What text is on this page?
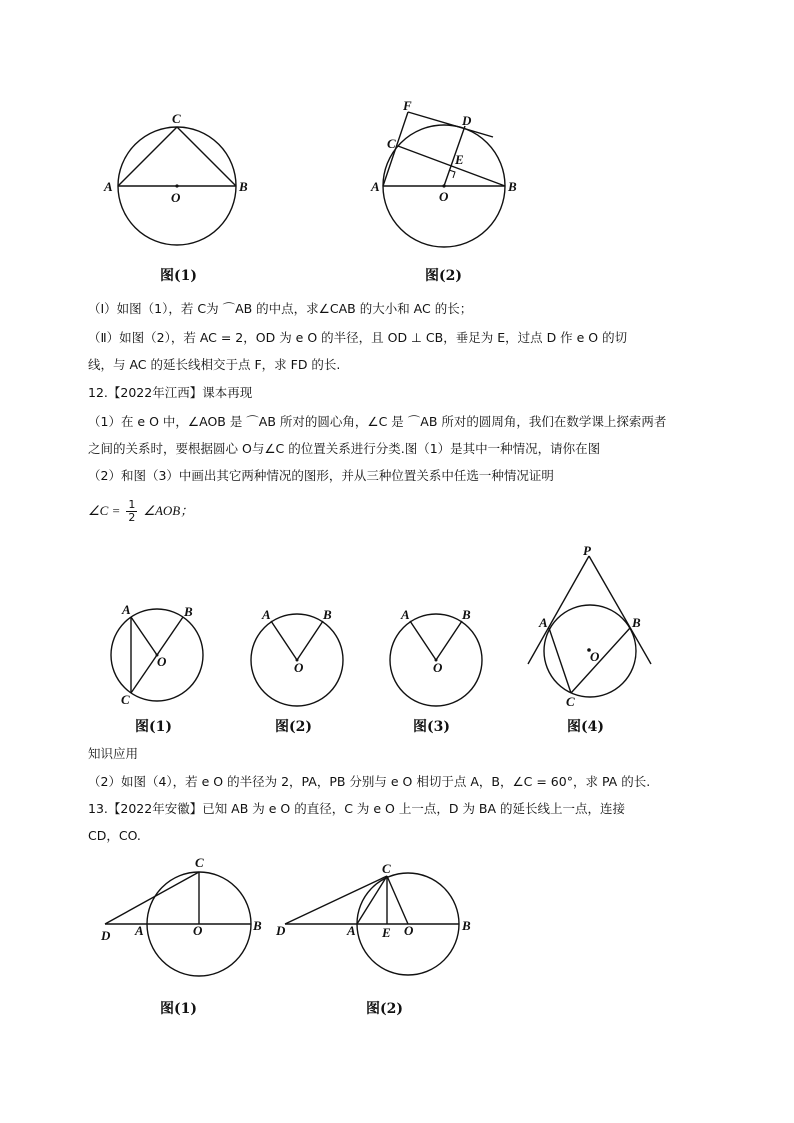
A	B
C
O
图(1)
A	B
C
O
D
E
F
图(2)
（Ⅰ）如图（1），若 C为 ⌒AB 的中点，求∠CAB 的大小和 AC 的长；
（Ⅱ）如图（2），若 AC = 2，OD 为 e O 的半径，且 OD ⊥ CB，垂足为 E，过点 D 作 e O 的切
线，与 AC 的延长线相交于点 F，求 FD 的长.
12.【2022年江西】课本再现
（1）在 e O 中，∠AOB 是 ⌒AB 所对的圆心角，∠C 是 ⌒AB 所对的圆周角，我们在数学课上探索两者
之间的关系时，要根据圆心 O与∠C 的位置关系进行分类.图（1）是其中一种情况，请你在图
（2）和图（3）中画出其它两种情况的图形，并从三种位置关系中任选一种情况证明
∠C = $\frac{1}{2}$ ∠AOB；
A	B
C
O
图(1)
A	B
O
图(2)
A	B
O
图(3)
P
A	B
C
O
图(4)
知识应用
（2）如图（4），若 e O 的半径为 2，PA，PB 分别与 e O 相切于点 A，B，∠C = 60°，求 PA 的长.
13.【2022年安徽】已知 AB 为 e O 的直径，C 为 e O 上一点，D 为 BA 的延长线上一点，连接
CD，CO.
C
D A	O	B
图(1)
C
D	A E O	B
图(2)
